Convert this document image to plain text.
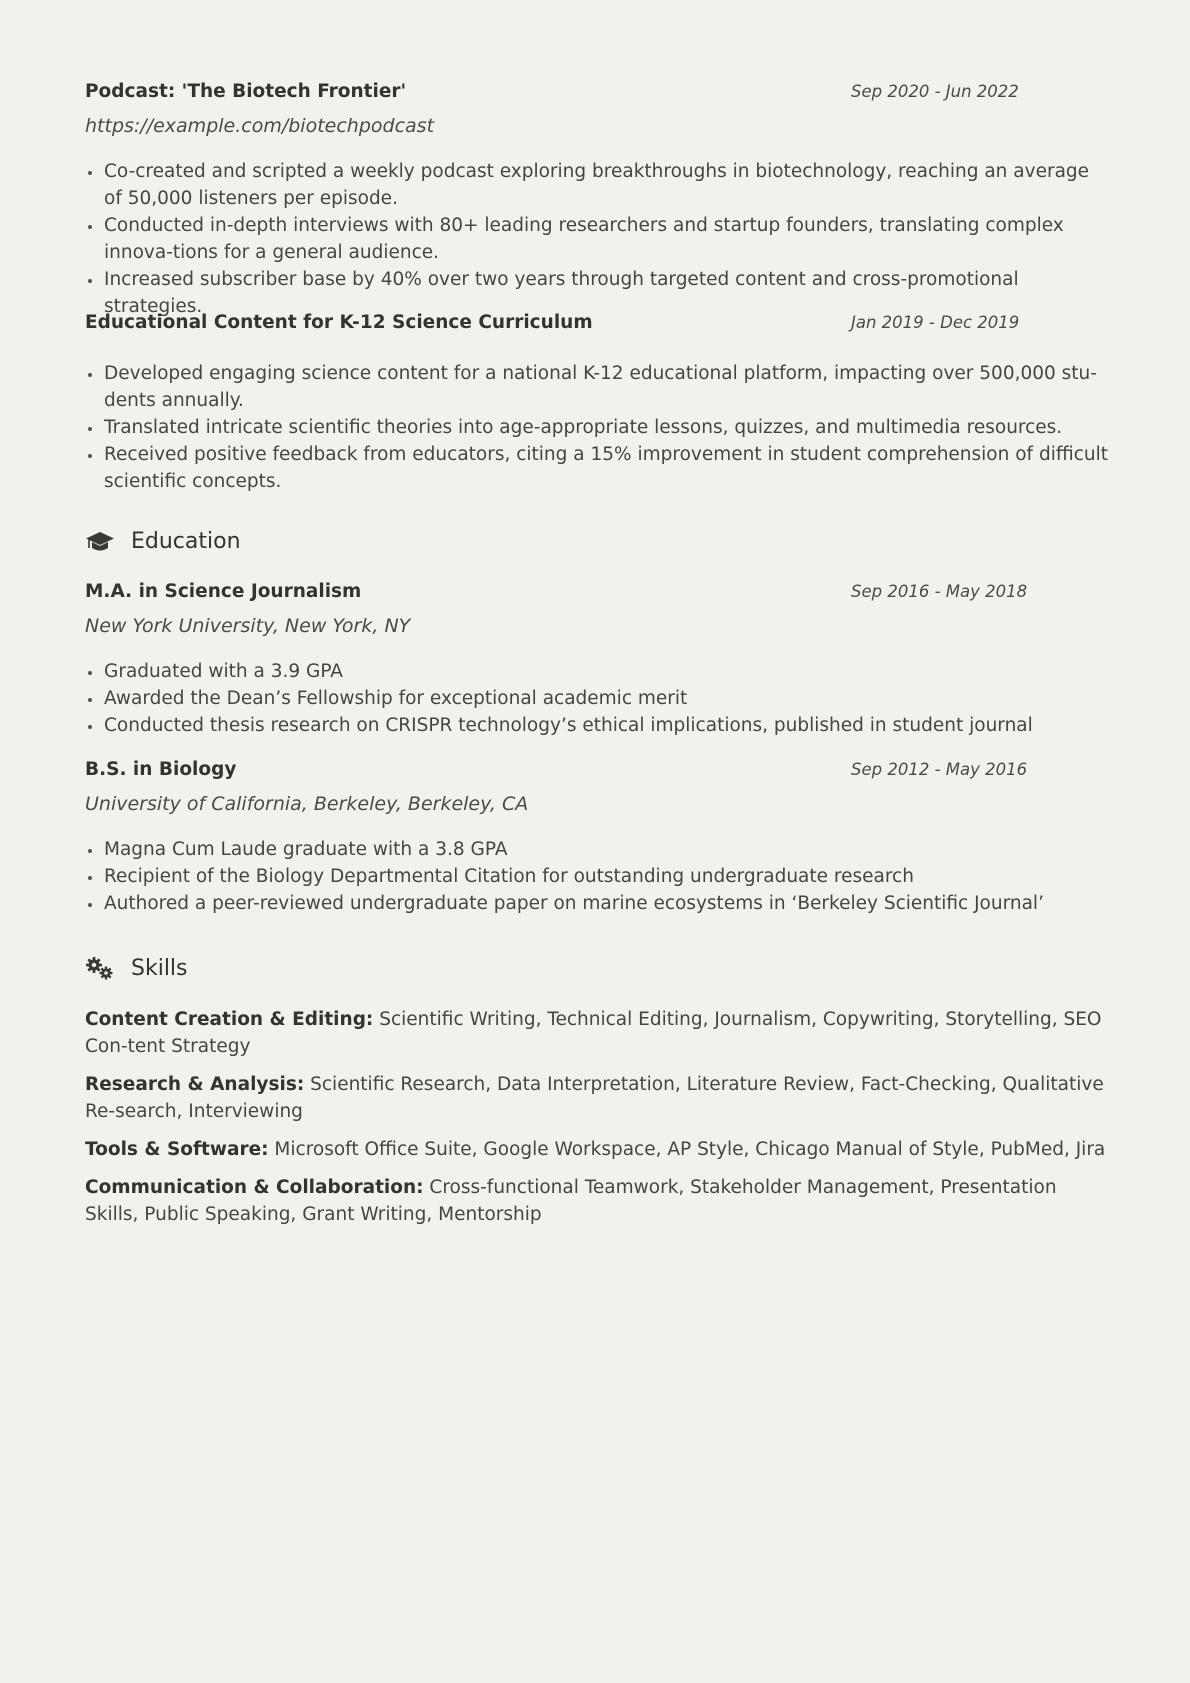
Podcast: 'The Biotech Frontier'	Sep 2020 - Jun 2022
https://example.com/biotechpodcast
Co-created and scripted a weekly podcast exploring breakthroughs in biotechnology, reaching an average of 50,000 listeners per episode.
Conducted in-depth interviews with 80+ leading researchers and startup founders, translating complex innova-tions for a general audience.
Increased subscriber base by 40% over two years through targeted content and cross-promotional strategies.
Educational Content for K-12 Science Curriculum	Jan 2019 - Dec 2019
Developed engaging science content for a national K-12 educational platform, impacting over 500,000 stu-dents annually.
Translated intricate scientific theories into age-appropriate lessons, quizzes, and multimedia resources.
Received positive feedback from educators, citing a 15% improvement in student comprehension of difficult scientific concepts.
Education
M.A. in Science Journalism	Sep 2016 - May 2018
New York University, New York, NY
Graduated with a 3.9 GPA
Awarded the Dean’s Fellowship for exceptional academic merit
Conducted thesis research on CRISPR technology’s ethical implications, published in student journal
B.S. in Biology	Sep 2012 - May 2016
University of California, Berkeley, Berkeley, CA
Magna Cum Laude graduate with a 3.8 GPA
Recipient of the Biology Departmental Citation for outstanding undergraduate research
Authored a peer-reviewed undergraduate paper on marine ecosystems in ‘Berkeley Scientific Journal’
Skills
Content Creation & Editing: Scientific Writing, Technical Editing, Journalism, Copywriting, Storytelling, SEO Con-tent Strategy
Research & Analysis: Scientific Research, Data Interpretation, Literature Review, Fact-Checking, Qualitative Re-search, Interviewing
Tools & Software: Microsoft Office Suite, Google Workspace, AP Style, Chicago Manual of Style, PubMed, Jira
Communication & Collaboration: Cross-functional Teamwork, Stakeholder Management, Presentation Skills, Public Speaking, Grant Writing, Mentorship
